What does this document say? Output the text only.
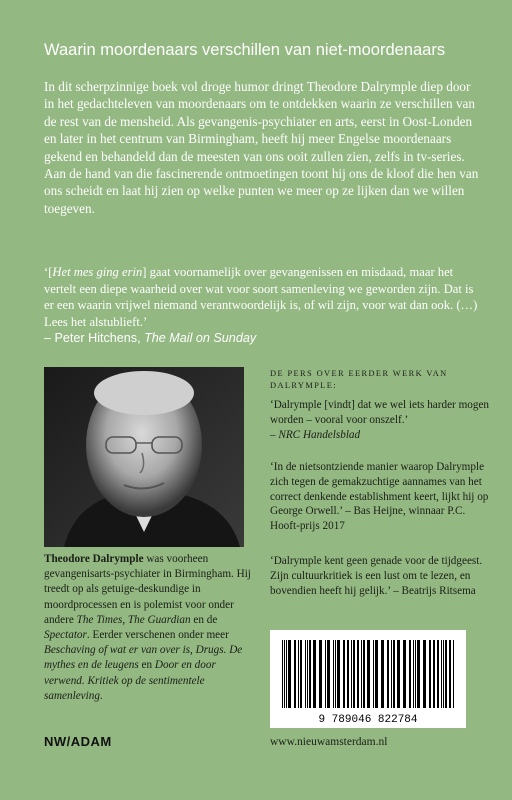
Waarin moordenaars verschillen van niet-moordenaars

In dit scherpzinnige boek vol droge humor dringt Theodore Dalrymple diep door in het gedachteleven van moordenaars om te ontdekken waarin ze verschillen van de rest van de mensheid. Als gevangenis-psychiater en arts, eerst in Oost-Londen en later in het centrum van Birmingham, heeft hij meer Engelse moordenaars gekend en behandeld dan de meesten van ons ooit zullen zien, zelfs in tv-series. Aan de hand van die fascinerende ontmoetingen toont hij ons de kloof die hen van ons scheidt en laat hij zien op welke punten we meer op ze lijken dan we willen toegeven.

‘[Het mes ging erin] gaat voornamelijk over gevangenissen en misdaad, maar het vertelt een diepe waarheid over wat voor soort samenleving we geworden zijn. Dat is er een waarin vrijwel niemand verantwoordelijk is, of wil zijn, voor wat dan ook. (…) Lees het alstublieft.’
– Peter Hitchens, The Mail on Sunday

Theodore Dalrymple was voorheen gevangenisarts-psychiater in Birmingham. Hij treedt op als getuige-deskundige in moordprocessen en is polemist voor onder andere The Times, The Guardian en de Spectator. Eerder verschenen onder meer Beschaving of wat er van over is, Drugs. De mythes en de leugens en Door en door verwend. Kritiek op de sentimentele samenleving.

DE PERS OVER EERDER WERK VAN DALRYMPLE:

‘Dalrymple [vindt] dat we wel iets harder mogen worden – vooral voor onszelf.’
– NRC Handelsblad

‘In de nietsontziende manier waarop Dalrymple zich tegen de gemakzuchtige aannames van het correct denkende establishment keert, lijkt hij op George Orwell.’ – Bas Heijne, winnaar P.C. Hooft-prijs 2017

‘Dalrymple kent geen genade voor de tijdgeest. Zijn cultuurkritiek is een lust om te lezen, en bovendien heeft hij gelijk.’ – Beatrijs Ritsema

9 789046 822784
NW/ADAM	www.nieuwamsterdam.nl
